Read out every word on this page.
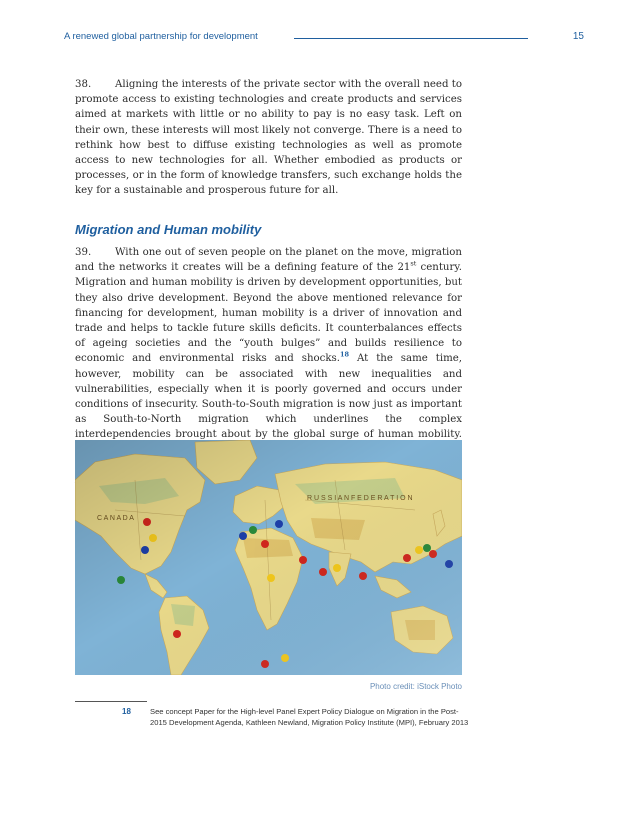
A renewed global partnership for development	15

38. Aligning the interests of the private sector with the overall need to promote access to existing technologies and create products and services aimed at markets with little or no ability to pay is no easy task. Left on their own, these interests will most likely not converge. There is a need to rethink how best to diffuse existing technologies as well as promote access to new technologies for all. Whether embodied as products or processes, or in the form of knowledge transfers, such exchange holds the key for a sustainable and prosperous future for all.

Migration and Human mobility

39. With one out of seven people on the planet on the move, migration and the networks it creates will be a defining feature of the 21st century. Migration and human mobility is driven by development opportunities, but they also drive development. Beyond the above mentioned relevance for financing for development, human mobility is a driver of innovation and trade and helps to tackle future skills deficits. It counterbalances effects of ageing societies and the “youth bulges” and builds resilience to economic and environmental risks and shocks.$^{18}$ At the same time, however, mobility can be associated with new inequalities and vulnerabilities, especially when it is poorly governed and occurs under conditions of insecurity. South-to-South migration is now just as important as South-to-North migration which underlines the complex interdependencies brought about by the global surge of human mobility.

Photo credit: iStock Photo
18	See concept Paper for the High-level Panel Expert Policy Dialogue on Migration in the Post-2015 Development Agenda, Kathleen Newland, Migration Policy Institute (MPI), February 2013
